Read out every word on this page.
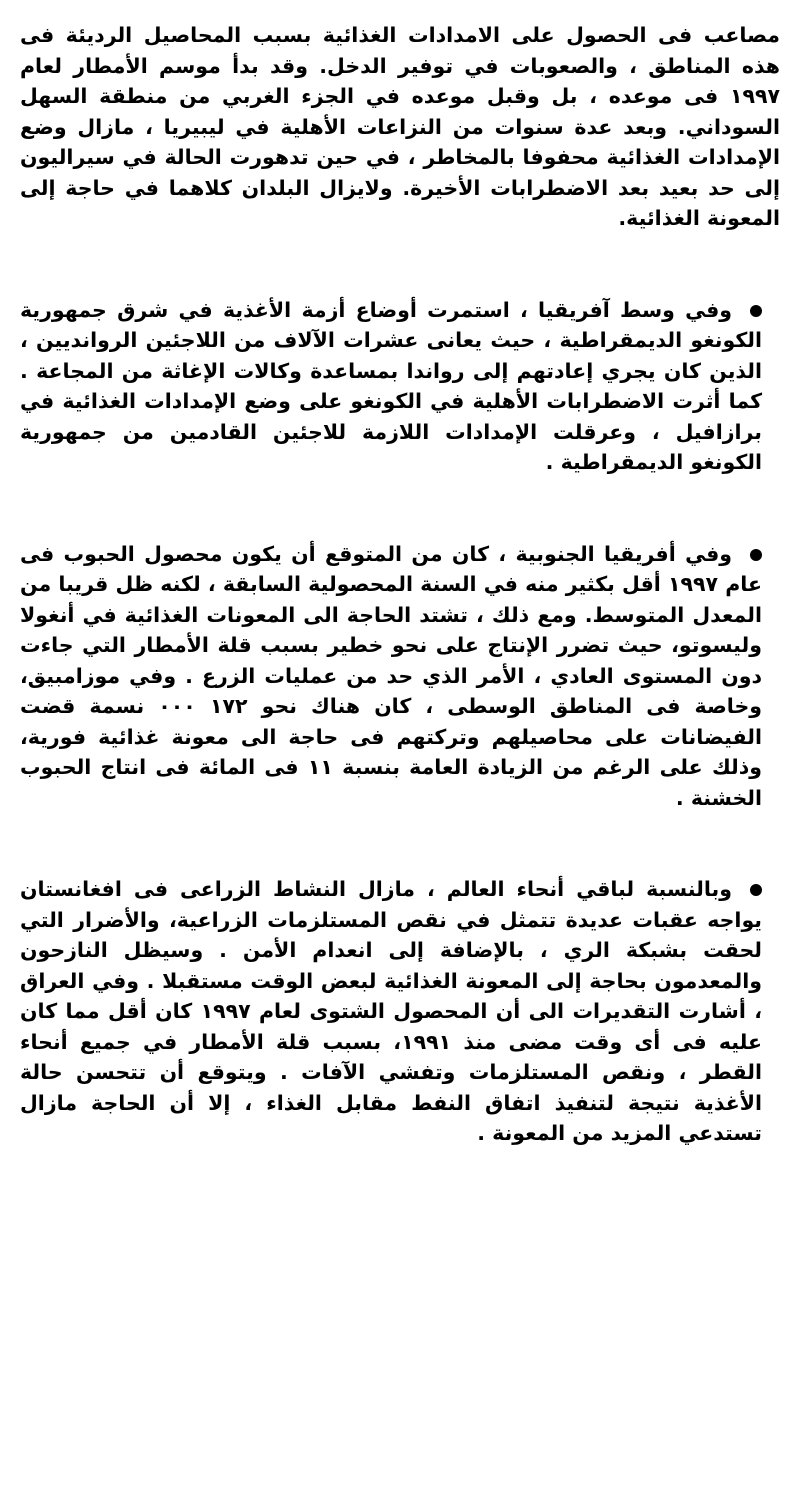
مصاعب فى الحصول على الامدادات الغذائية بسبب المحاصيل الرديئة فى هذه المناطق ، والصعوبات في توفير الدخل. وقد بدأ موسم الأمطار لعام ١٩٩٧ فى موعده ، بل وقبل موعده في الجزء الغربي من منطقة السهل السوداني. وبعد عدة سنوات من النزاعات الأهلية في ليبيريا ، مازال وضع الإمدادات الغذائية محفوفا بالمخاطر ، في حين تدهورت الحالة في سيراليون إلى حد بعيد بعد الاضطرابات الأخيرة. ولايزال البلدان كلاهما في حاجة إلى المعونة الغذائية.

وفي وسط آفريقيا ، استمرت أوضاع أزمة الأغذية في شرق جمهورية الكونغو الديمقراطية ، حيث يعانى عشرات الآلاف من اللاجئين الروانديين ، الذين كان يجري إعادتهم إلى رواندا بمساعدة وكالات الإغاثة من المجاعة . كما أثرت الاضطرابات الأهلية في الكونغو على وضع الإمدادات الغذائية في برازافيل ، وعرقلت الإمدادات اللازمة للاجئين القادمين من جمهورية الكونغو الديمقراطية .

وفي أفريقيا الجنوبية ، كان من المتوقع أن يكون محصول الحبوب فى عام ١٩٩٧ أقل بكثير منه في السنة المحصولية السابقة ، لكنه ظل قريبا من المعدل المتوسط. ومع ذلك ، تشتد الحاجة الى المعونات الغذائية في أنغولا وليسوتو، حيث تضرر الإنتاج على نحو خطير بسبب قلة الأمطار التي جاءت دون المستوى العادي ، الأمر الذي حد من عمليات الزرع . وفي موزامبيق، وخاصة فى المناطق الوسطى ، كان هناك نحو ١٧٢ ٠٠٠ نسمة قضت الفيضانات على محاصيلهم وتركتهم فى حاجة الى معونة غذائية فورية، وذلك على الرغم من الزيادة العامة بنسبة ١١ فى المائة فى انتاج الحبوب الخشنة .

وبالنسبة لباقي أنحاء العالم ، مازال النشاط الزراعى فى افغانستان يواجه عقبات عديدة تتمثل في نقص المستلزمات الزراعية، والأضرار التي لحقت بشبكة الري ، بالإضافة إلى انعدام الأمن . وسيظل النازحون والمعدمون بحاجة إلى المعونة الغذائية لبعض الوقت مستقبلا . وفي العراق ، أشارت التقديرات الى أن المحصول الشتوى لعام ١٩٩٧ كان أقل مما كان عليه فى أى وقت مضى منذ ١٩٩١، بسبب قلة الأمطار في جميع أنحاء القطر ، ونقص المستلزمات وتفشي الآفات . ويتوقع أن تتحسن حالة الأغذية نتيجة لتنفيذ اتفاق النفط مقابل الغذاء ، إلا أن الحاجة مازال تستدعي المزيد من المعونة .
